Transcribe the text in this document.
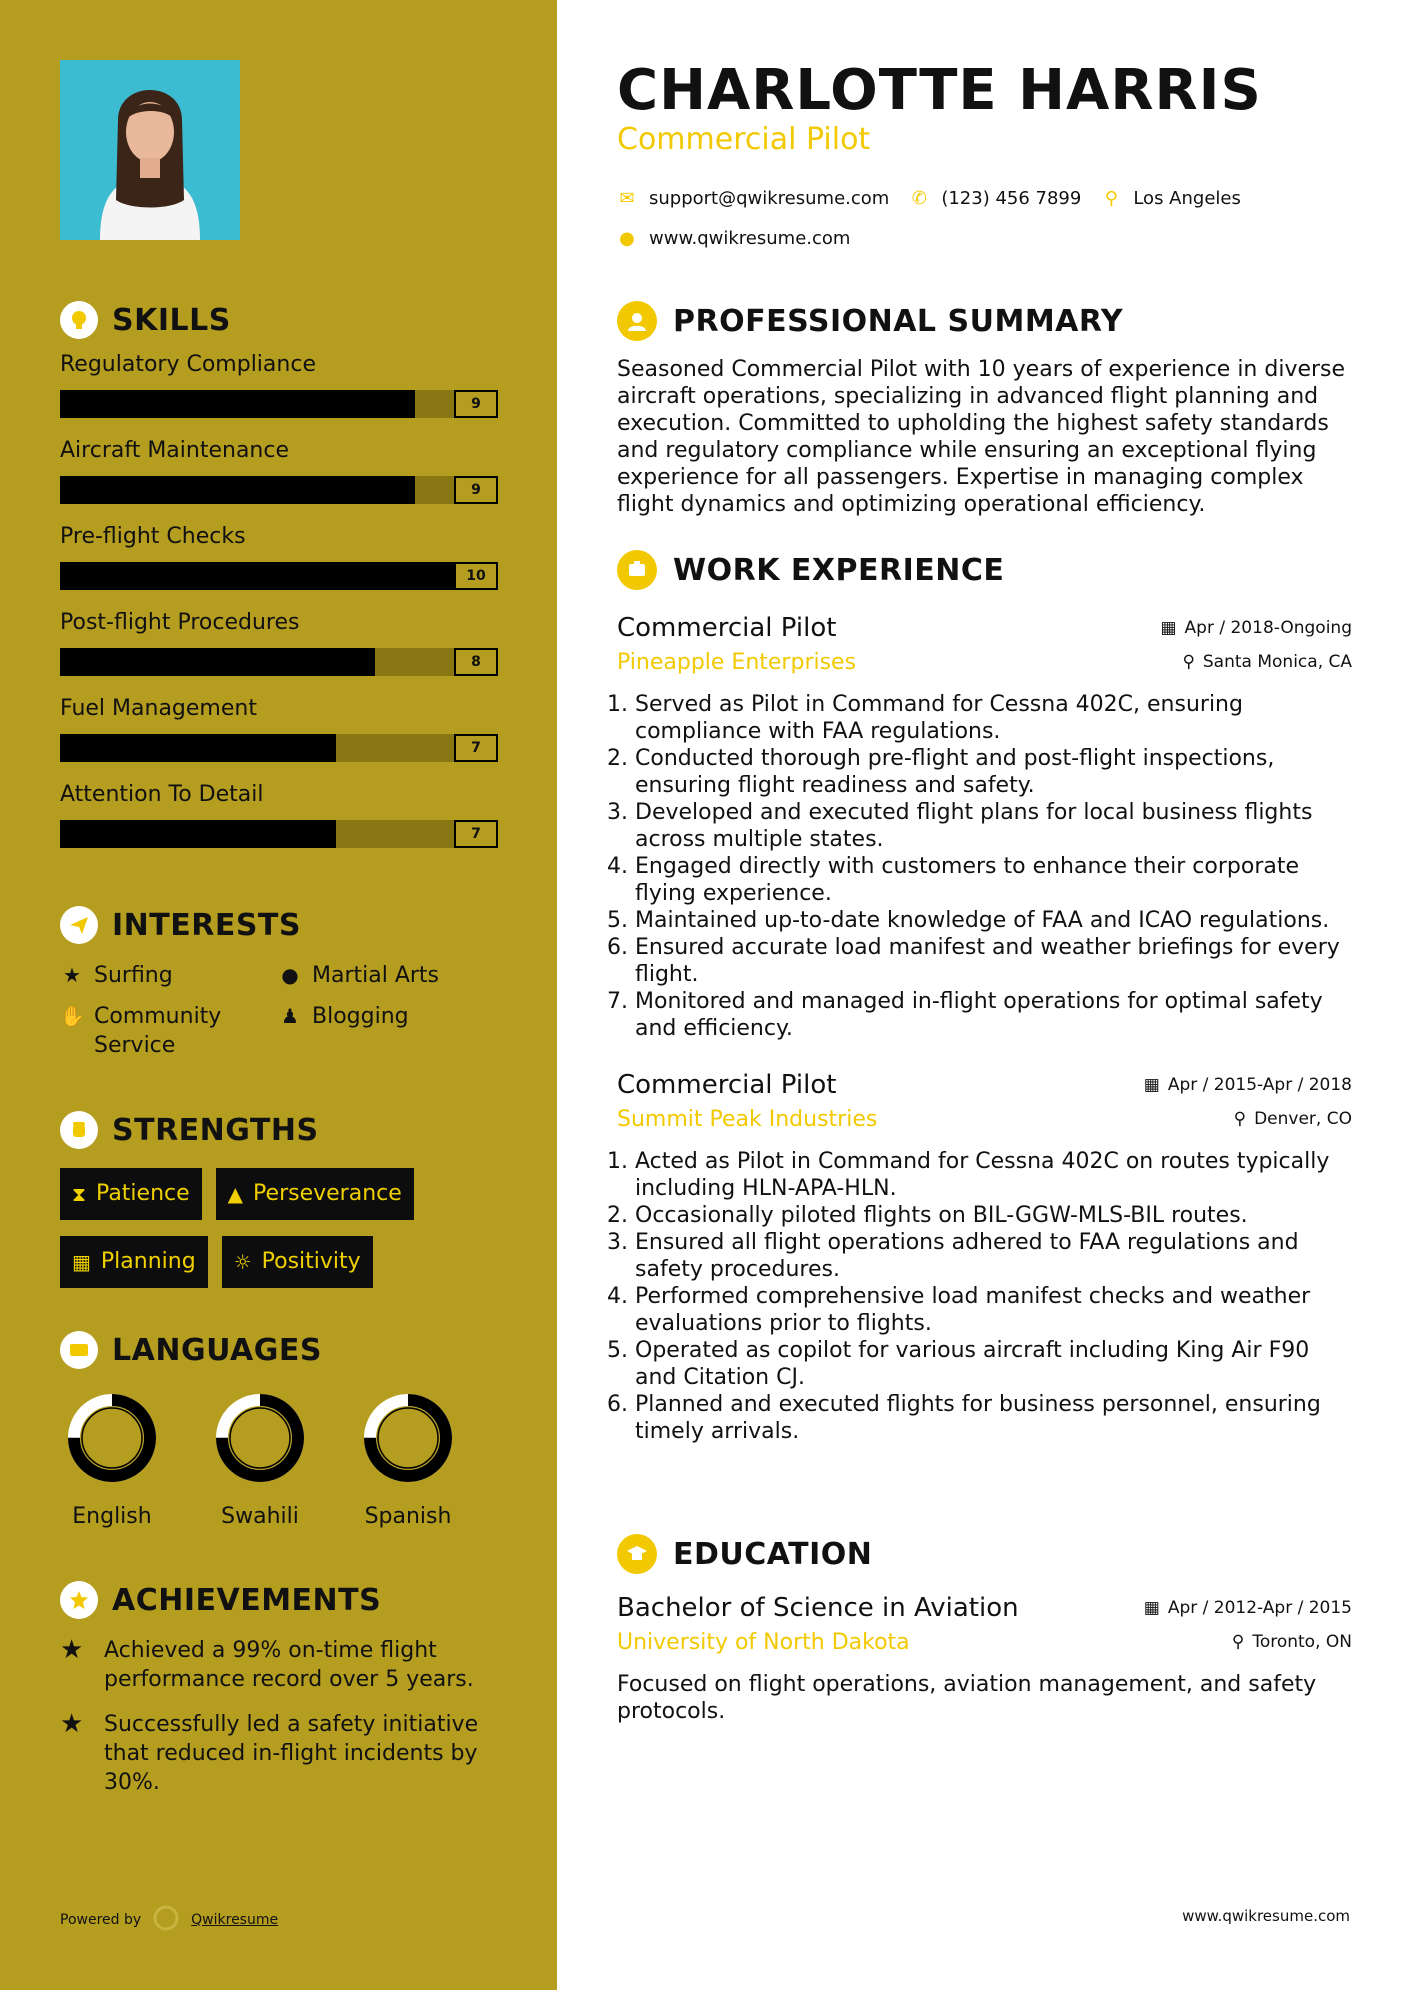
SKILLS
Regulatory Compliance
9
Aircraft Maintenance
9
Pre-flight Checks
10
Post-flight Procedures
8
Fuel Management
7
Attention To Detail
7
INTERESTS
★ Surfing	● Martial Arts
✋ Community Service
♟ Blogging
STRENGTHS
⧗ Patience ▲ Perseverance
▦ Planning ☼ Positivity
LANGUAGES
English	Swahili	Spanish
ACHIEVEMENTS
★ Achieved a 99% on-time flight performance record over 5 years.
★ Successfully led a safety initiative that reduced in-flight incidents by 30%.
Powered by	Qwikresume
CHARLOTTE HARRIS
Commercial Pilot
✉ support@qwikresume.com ✆ (123) 456 7899 ⚲ Los Angeles
● www.qwikresume.com
PROFESSIONAL SUMMARY
Seasoned Commercial Pilot with 10 years of experience in diverse aircraft operations, specializing in advanced flight planning and execution. Committed to upholding the highest safety standards and regulatory compliance while ensuring an exceptional flying experience for all passengers. Expertise in managing complex flight dynamics and optimizing operational efficiency.
WORK EXPERIENCE
Commercial Pilot	▦ Apr / 2018-Ongoing
Pineapple Enterprises	⚲ Santa Monica, CA
1. Served as Pilot in Command for Cessna 402C, ensuring compliance with FAA regulations.
2. Conducted thorough pre-flight and post-flight inspections, ensuring flight readiness and safety.
3. Developed and executed flight plans for local business flights across multiple states.
4. Engaged directly with customers to enhance their corporate flying experience.
5. Maintained up-to-date knowledge of FAA and ICAO regulations.
6. Ensured accurate load manifest and weather briefings for every flight.
7. Monitored and managed in-flight operations for optimal safety and efficiency.
Commercial Pilot	▦ Apr / 2015-Apr / 2018
Summit Peak Industries	⚲ Denver, CO
1. Acted as Pilot in Command for Cessna 402C on routes typically including HLN-APA-HLN.
2. Occasionally piloted flights on BIL-GGW-MLS-BIL routes.
3. Ensured all flight operations adhered to FAA regulations and safety procedures.
4. Performed comprehensive load manifest checks and weather evaluations prior to flights.
5. Operated as copilot for various aircraft including King Air F90 and Citation CJ.
6. Planned and executed flights for business personnel, ensuring timely arrivals.
EDUCATION
Bachelor of Science in Aviation	▦ Apr / 2012-Apr / 2015
University of North Dakota	⚲ Toronto, ON
Focused on flight operations, aviation management, and safety protocols.
www.qwikresume.com
